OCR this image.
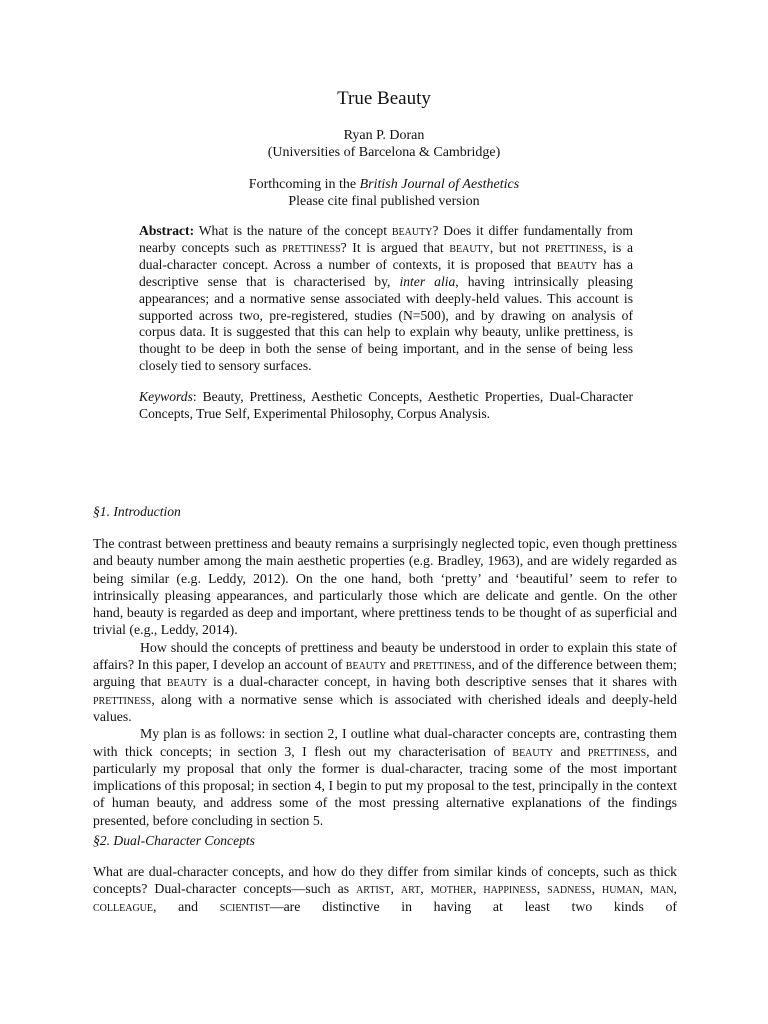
True Beauty
Ryan P. Doran
(Universities of Barcelona & Cambridge)
Forthcoming in the British Journal of Aesthetics
Please cite final published version
Abstract: What is the nature of the concept beauty? Does it differ fundamentally from nearby concepts such as prettiness? It is argued that beauty, but not prettiness, is a dual-character concept. Across a number of contexts, it is proposed that beauty has a descriptive sense that is characterised by, inter alia, having intrinsically pleasing appearances; and a normative sense associated with deeply-held values. This account is supported across two, pre-registered, studies (N=500), and by drawing on analysis of corpus data. It is suggested that this can help to explain why beauty, unlike prettiness, is thought to be deep in both the sense of being important, and in the sense of being less closely tied to sensory surfaces.
Keywords: Beauty, Prettiness, Aesthetic Concepts, Aesthetic Properties, Dual-Character Concepts, True Self, Experimental Philosophy, Corpus Analysis.
§1. Introduction

The contrast between prettiness and beauty remains a surprisingly neglected topic, even though prettiness and beauty number among the main aesthetic properties (e.g. Bradley, 1963), and are widely regarded as being similar (e.g. Leddy, 2012). On the one hand, both ‘pretty’ and ‘beautiful’ seem to refer to intrinsically pleasing appearances, and particularly those which are delicate and gentle. On the other hand, beauty is regarded as deep and important, where prettiness tends to be thought of as superficial and trivial (e.g., Leddy, 2014).

How should the concepts of prettiness and beauty be understood in order to explain this state of affairs? In this paper, I develop an account of beauty and prettiness, and of the difference between them; arguing that beauty is a dual-character concept, in having both descriptive senses that it shares with prettiness, along with a normative sense which is associated with cherished ideals and deeply-held values.

My plan is as follows: in section 2, I outline what dual-character concepts are, contrasting them with thick concepts; in section 3, I flesh out my characterisation of beauty and prettiness, and particularly my proposal that only the former is dual-character, tracing some of the most important implications of this proposal; in section 4, I begin to put my proposal to the test, principally in the context of human beauty, and address some of the most pressing alternative explanations of the findings presented, before concluding in section 5.

§2. Dual-Character Concepts

What are dual-character concepts, and how do they differ from similar kinds of concepts, such as thick concepts? Dual-character concepts—such as artist, art, mother, happiness, sadness, human, man, colleague, and scientist—are distinctive in having at least two kinds of
